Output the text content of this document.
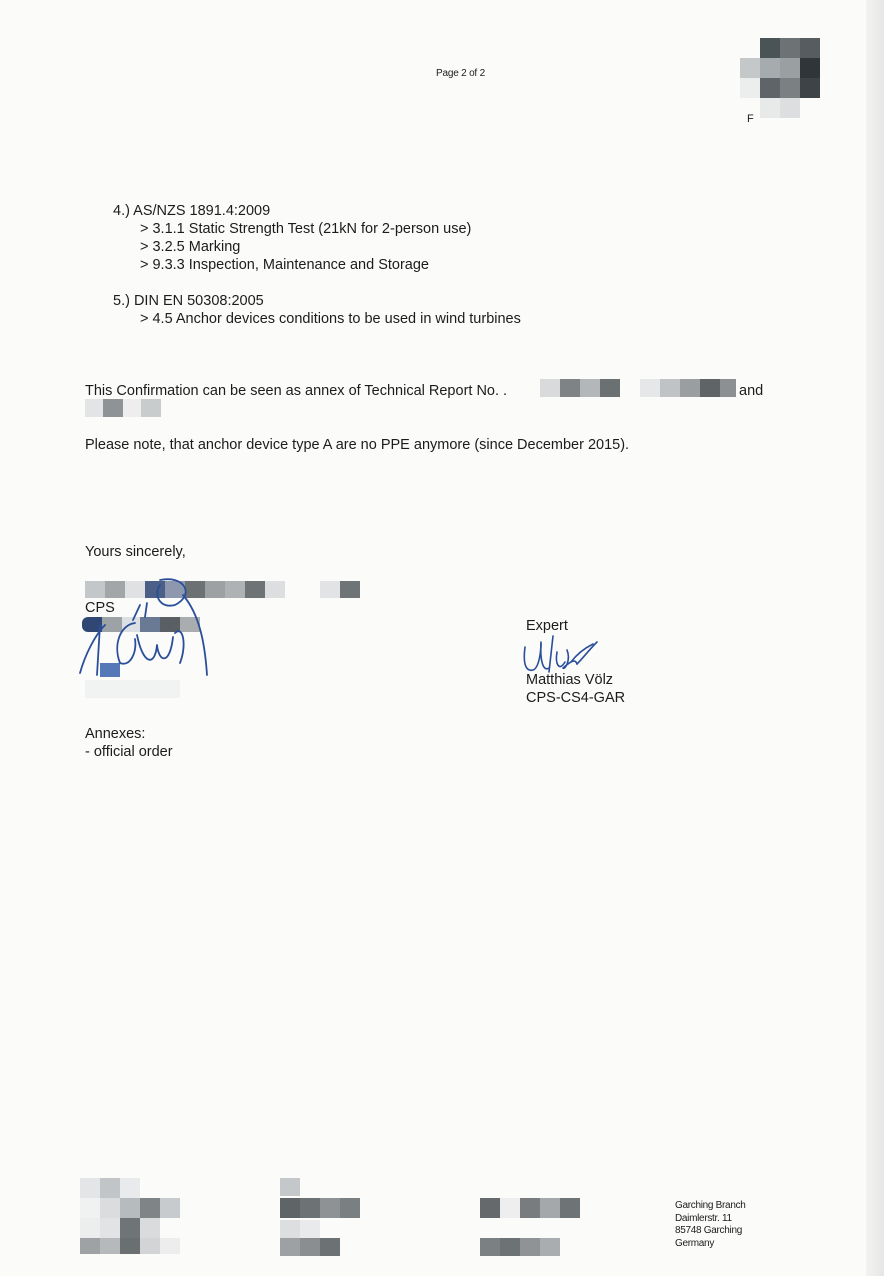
Page 2 of 2
F
4.) AS/NZS 1891.4:2009
> 3.1.1 Static Strength Test (21kN for 2-person use)
> 3.2.5 Marking
> 9.3.3 Inspection, Maintenance and Storage
5.) DIN EN 50308:2005
> 4.5 Anchor devices conditions to be used in wind turbines
This Confirmation can be seen as annex of Technical Report No. .	and
Please note, that anchor device type A are no PPE anymore (since December 2015).
Yours sincerely,
CPS
Expert
Matthias Völz
CPS-CS4-GAR
Annexes:
- official order
Garching Branch
Daimlerstr. 11
85748 Garching
Germany
